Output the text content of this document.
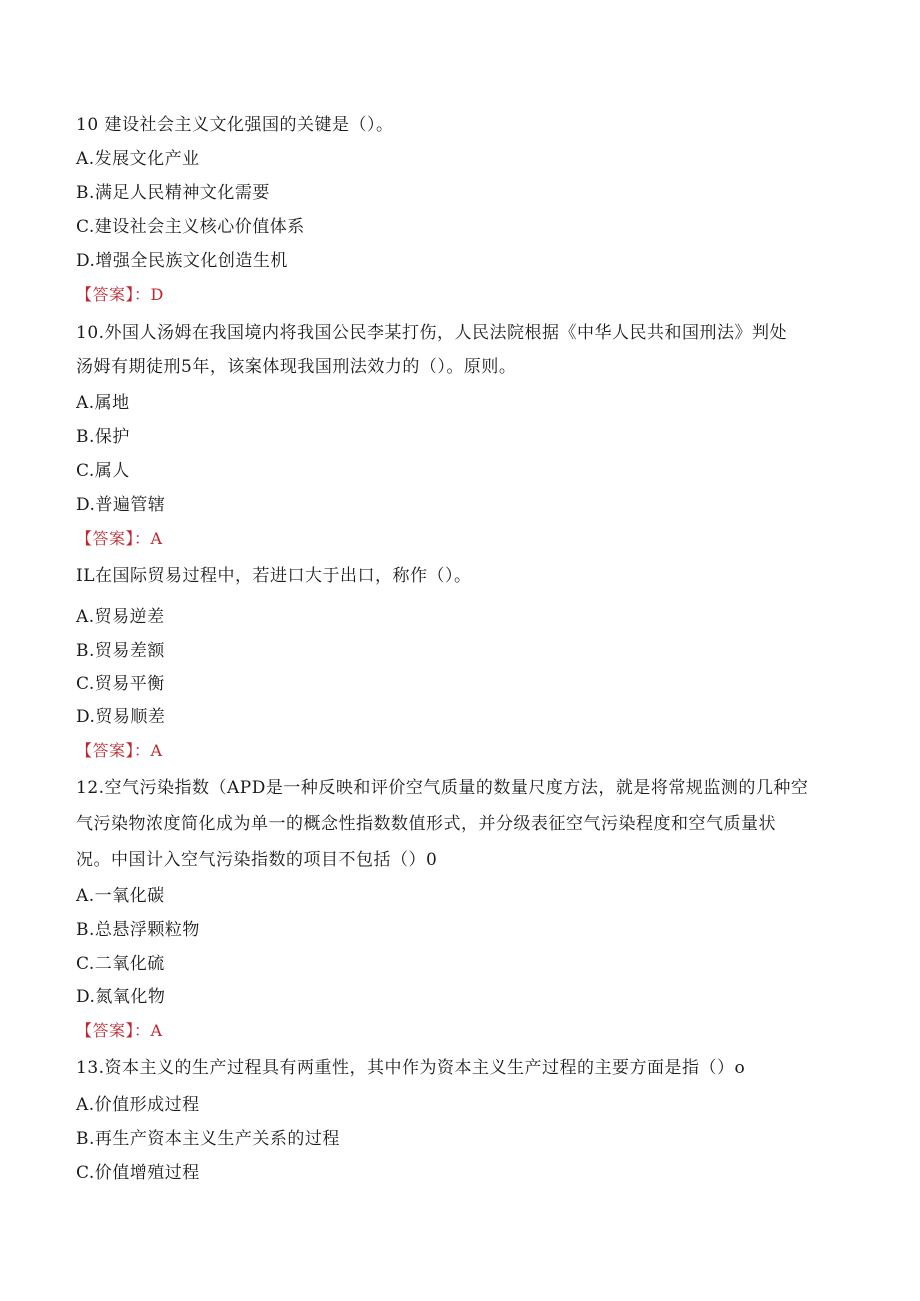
10 建设社会主义文化强国的关键是（）。
A.发展文化产业
B.满足人民精神文化需要
C.建设社会主义核心价值体系
D.增强全民族文化创造生机
【答案】：D
10.外国人汤姆在我国境内将我国公民李某打伤，人民法院根据《中华人民共和国刑法》判处
汤姆有期徒刑5年，该案体现我国刑法效力的（）。原则。
A.属地
B.保护
C.属人
D.普遍管辖
【答案】：A
IL在国际贸易过程中，若进口大于出口，称作（）。
A.贸易逆差
B.贸易差额
C.贸易平衡
D.贸易顺差
【答案】：A
12.空气污染指数（APD是一种反映和评价空气质量的数量尺度方法，就是将常规监测的几种空
气污染物浓度简化成为单一的概念性指数数值形式，并分级表征空气污染程度和空气质量状
况。中国计入空气污染指数的项目不包括（）0
A.一氧化碳
B.总悬浮颗粒物
C.二氧化硫
D.氮氧化物
【答案】：A
13.资本主义的生产过程具有两重性，其中作为资本主义生产过程的主要方面是指（）o
A.价值形成过程
B.再生产资本主义生产关系的过程
C.价值增殖过程
